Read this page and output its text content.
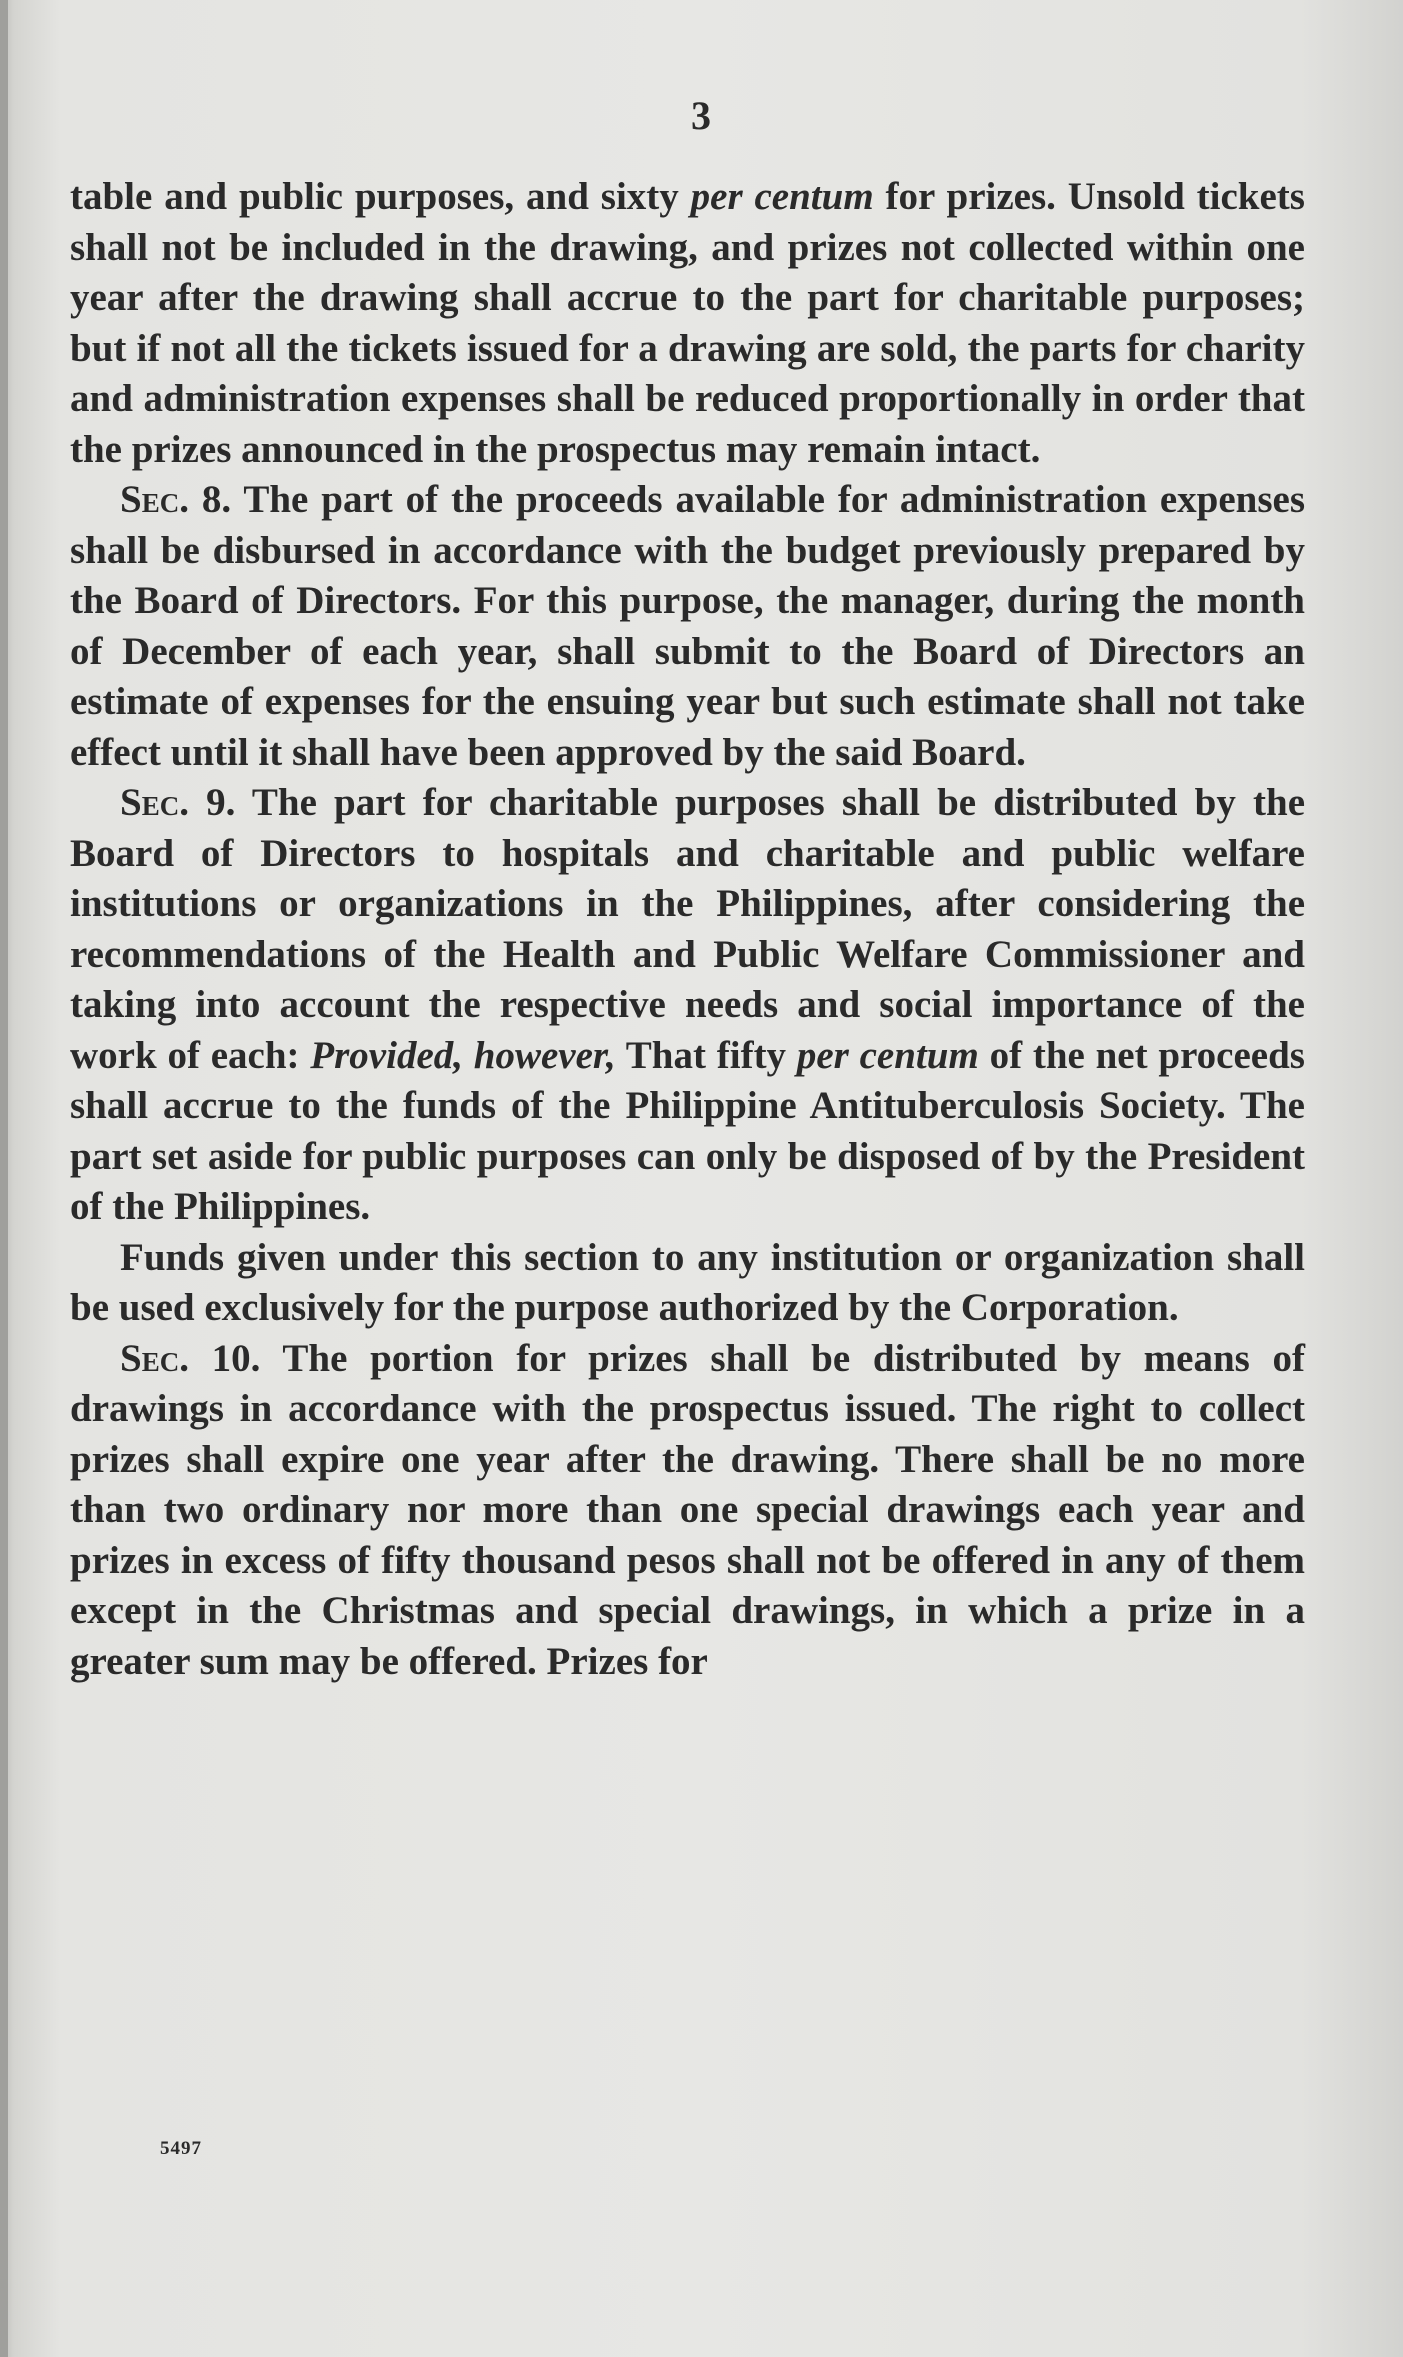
3

table and public purposes, and sixty per centum for prizes. Unsold tickets shall not be included in the drawing, and prizes not collected within one year after the drawing shall accrue to the part for charitable purposes; but if not all the tickets issued for a drawing are sold, the parts for charity and administration expenses shall be reduced proportionally in order that the prizes announced in the prospectus may remain intact.

Sec. 8. The part of the proceeds available for administration expenses shall be disbursed in accordance with the budget previously prepared by the Board of Directors. For this purpose, the manager, during the month of December of each year, shall submit to the Board of Directors an estimate of expenses for the ensuing year but such estimate shall not take effect until it shall have been approved by the said Board.

Sec. 9. The part for charitable purposes shall be distributed by the Board of Directors to hospitals and charitable and public welfare institutions or organizations in the Philippines, after considering the recommendations of the Health and Public Welfare Commissioner and taking into account the respective needs and social importance of the work of each: Provided, however, That fifty per centum of the net proceeds shall accrue to the funds of the Philippine Antituberculosis Society. The part set aside for public purposes can only be disposed of by the President of the Philippines.

Funds given under this section to any institution or organization shall be used exclusively for the purpose authorized by the Corporation.

Sec. 10. The portion for prizes shall be distributed by means of drawings in accordance with the prospectus issued. The right to collect prizes shall expire one year after the drawing. There shall be no more than two ordinary nor more than one special drawings each year and prizes in excess of fifty thousand pesos shall not be offered in any of them except in the Christmas and special drawings, in which a prize in a greater sum may be offered. Prizes for

5497
